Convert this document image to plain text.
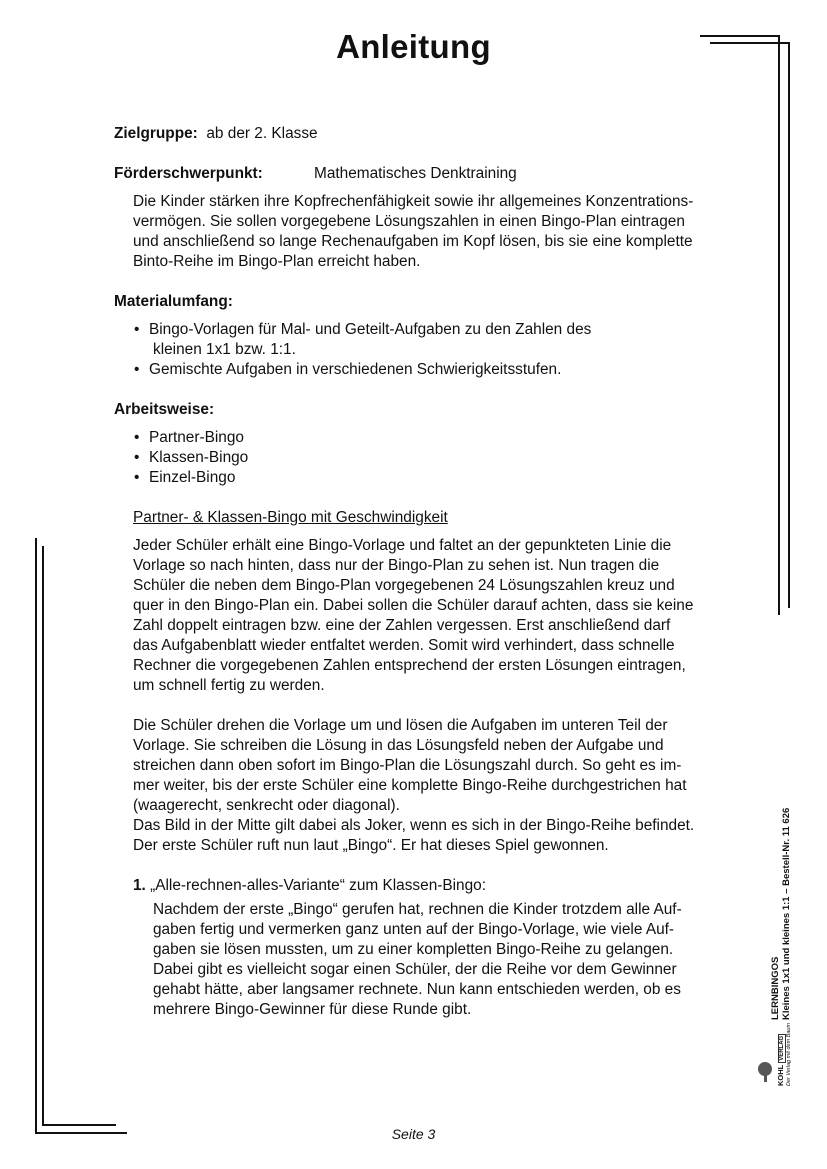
Anleitung
Zielgruppe: ab der 2. Klasse
Förderschwerpunkt:	Mathematisches Denktraining
Die Kinder stärken ihre Kopfrechenfähigkeit sowie ihr allgemeines Konzentrations-
vermögen. Sie sollen vorgegebene Lösungszahlen in einen Bingo-Plan eintragen
und anschließend so lange Rechenaufgaben im Kopf lösen, bis sie eine komplette
Binto-Reihe im Bingo-Plan erreicht haben.
Materialumfang:
• Bingo-Vorlagen für Mal- und Geteilt-Aufgaben zu den Zahlen des
kleinen 1x1 bzw. 1:1.
• Gemischte Aufgaben in verschiedenen Schwierigkeitsstufen.
Arbeitsweise:
• Partner-Bingo
• Klassen-Bingo
• Einzel-Bingo
Partner- & Klassen-Bingo mit Geschwindigkeit
Jeder Schüler erhält eine Bingo-Vorlage und faltet an der gepunkteten Linie die
Vorlage so nach hinten, dass nur der Bingo-Plan zu sehen ist. Nun tragen die
Schüler die neben dem Bingo-Plan vorgegebenen 24 Lösungszahlen kreuz und
quer in den Bingo-Plan ein. Dabei sollen die Schüler darauf achten, dass sie keine
Zahl doppelt eintragen bzw. eine der Zahlen vergessen. Erst anschließend darf
das Aufgabenblatt wieder entfaltet werden. Somit wird verhindert, dass schnelle
Rechner die vorgegebenen Zahlen entsprechend der ersten Lösungen eintragen,
um schnell fertig zu werden.
Die Schüler drehen die Vorlage um und lösen die Aufgaben im unteren Teil der
Vorlage. Sie schreiben die Lösung in das Lösungsfeld neben der Aufgabe und
streichen dann oben sofort im Bingo-Plan die Lösungszahl durch. So geht es im-
mer weiter, bis der erste Schüler eine komplette Bingo-Reihe durchgestrichen hat
(waagerecht, senkrecht oder diagonal).
Das Bild in der Mitte gilt dabei als Joker, wenn es sich in der Bingo-Reihe befindet.
Der erste Schüler ruft nun laut „Bingo“. Er hat dieses Spiel gewonnen.
1. „Alle-rechnen-alles-Variante“ zum Klassen-Bingo:
Nachdem der erste „Bingo“ gerufen hat, rechnen die Kinder trotzdem alle Auf-
gaben fertig und vermerken ganz unten auf der Bingo-Vorlage, wie viele Auf-
gaben sie lösen mussten, um zu einer kompletten Bingo-Reihe zu gelangen.
Dabei gibt es vielleicht sogar einen Schüler, der die Reihe vor dem Gewinner
gehabt hätte, aber langsamer rechnete. Nun kann entschieden werden, ob es
mehrere Bingo-Gewinner für diese Runde gibt.	LERNBINGOS Kleines 1x1 und kleines 1:1 – Bestell-Nr. 11 626
KOHL VERLAG Der Verlag mit dem Baum
Seite 3
